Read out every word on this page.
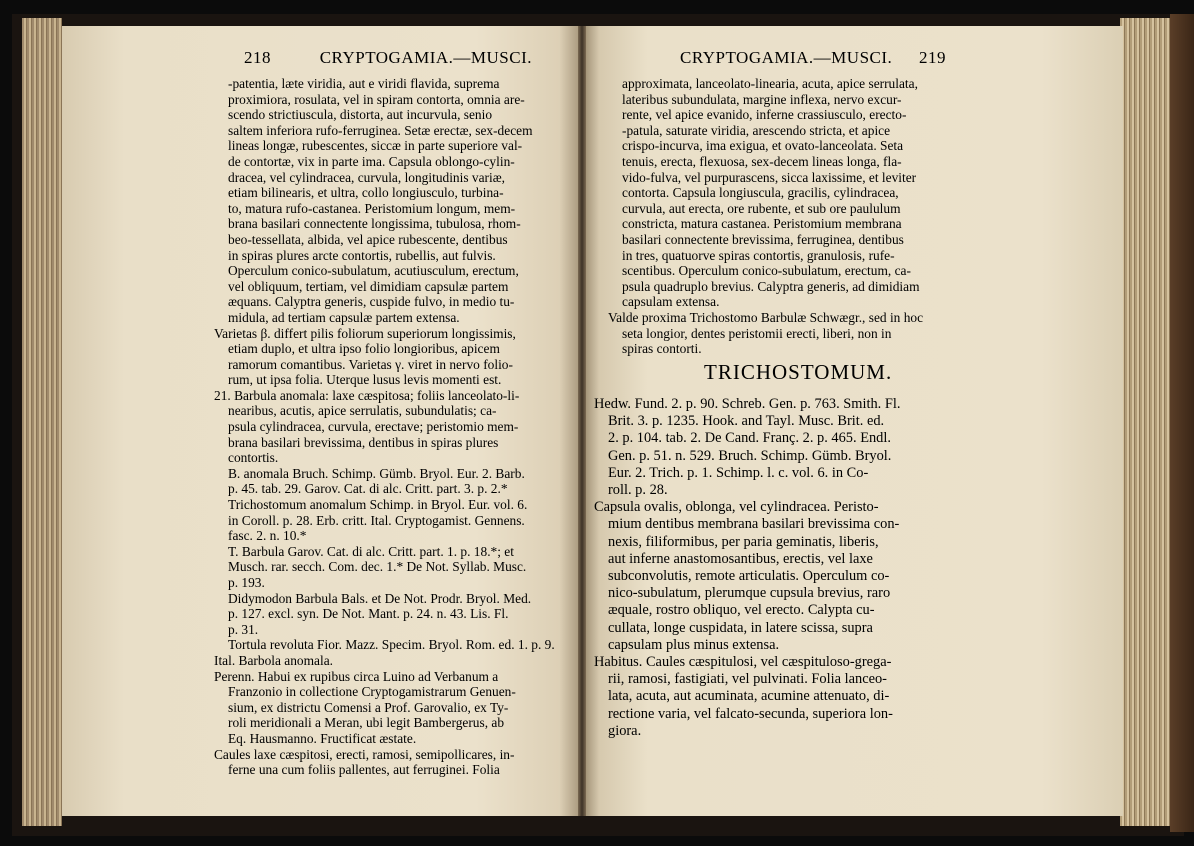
218	CRYPTOGAMIA.—MUSCI.	CRYPTOGAMIA.—MUSCI. 219

-patentia, læte viridia, aut e viridi flavida, suprema

proximiora, rosulata, vel in spiram contorta, omnia are-

scendo strictiuscula, distorta, aut incurvula, senio

saltem inferiora rufo-ferruginea. Setæ erectæ, sex-decem

lineas longæ, rubescentes, siccæ in parte superiore val-

de contortæ, vix in parte ima. Capsula oblongo-cylin-

dracea, vel cylindracea, curvula, longitudinis variæ,

etiam bilinearis, et ultra, collo longiusculo, turbina-

to, matura rufo-castanea. Peristomium longum, mem-

brana basilari connectente longissima, tubulosa, rhom-

beo-tessellata, albida, vel apice rubescente, dentibus

in spiras plures arcte contortis, rubellis, aut fulvis.

Operculum conico-subulatum, acutiusculum, erectum,

vel obliquum, tertiam, vel dimidiam capsulæ partem

æquans. Calyptra generis, cuspide fulvo, in medio tu-

midula, ad tertiam capsulæ partem extensa.

Varietas β. differt pilis foliorum superiorum longissimis,

etiam duplo, et ultra ipso folio longioribus, apicem

ramorum comantibus. Varietas γ. viret in nervo folio-

rum, ut ipsa folia. Uterque lusus levis momenti est.

21. Barbula anomala: laxe cæspitosa; foliis lanceolato-li-

nearibus, acutis, apice serrulatis, subundulatis; ca-

psula cylindracea, curvula, erectave; peristomio mem-

brana basilari brevissima, dentibus in spiras plures

contortis.

B. anomala Bruch. Schimp. Gümb. Bryol. Eur. 2. Barb.

p. 45. tab. 29. Garov. Cat. di alc. Critt. part. 3. p. 2.*

Trichostomum anomalum Schimp. in Bryol. Eur. vol. 6.

in Coroll. p. 28. Erb. critt. Ital. Cryptogamist. Gennens.

fasc. 2. n. 10.*

T. Barbula Garov. Cat. di alc. Critt. part. 1. p. 18.*; et

Musch. rar. secch. Com. dec. 1.* De Not. Syllab. Musc.

p. 193.

Didymodon Barbula Bals. et De Not. Prodr. Bryol. Med.

p. 127. excl. syn. De Not. Mant. p. 24. n. 43. Lis. Fl.

p. 31.

Tortula revoluta Fior. Mazz. Specim. Bryol. Rom. ed. 1. p. 9.

Ital. Barbola anomala.

Perenn. Habui ex rupibus circa Luino ad Verbanum a

Franzonio in collectione Cryptogamistrarum Genuen-

sium, ex districtu Comensi a Prof. Garovalio, ex Ty-

roli meridionali a Meran, ubi legit Bambergerus, ab

Eq. Hausmanno. Fructificat æstate.

Caules laxe cæspitosi, erecti, ramosi, semipollicares, in-

ferne una cum foliis pallentes, aut ferruginei. Folia

approximata, lanceolato-linearia, acuta, apice serrulata,

lateribus subundulata, margine inflexa, nervo excur-

rente, vel apice evanido, inferne crassiusculo, erecto-

-patula, saturate viridia, arescendo stricta, et apice

crispo-incurva, ima exigua, et ovato-lanceolata. Seta

tenuis, erecta, flexuosa, sex-decem lineas longa, fla-

vido-fulva, vel purpurascens, sicca laxissime, et leviter

contorta. Capsula longiuscula, gracilis, cylindracea,

curvula, aut erecta, ore rubente, et sub ore paululum

constricta, matura castanea. Peristomium membrana

basilari connectente brevissima, ferruginea, dentibus

in tres, quatuorve spiras contortis, granulosis, rufe-

scentibus. Operculum conico-subulatum, erectum, ca-

psula quadruplo brevius. Calyptra generis, ad dimidiam

capsulam extensa.

Valde proxima Trichostomo Barbulæ Schwægr., sed in hoc

seta longior, dentes peristomii erecti, liberi, non in

spiras contorti.

TRICHOSTOMUM.

Hedw. Fund. 2. p. 90. Schreb. Gen. p. 763. Smith. Fl.

Brit. 3. p. 1235. Hook. and Tayl. Musc. Brit. ed.

2. p. 104. tab. 2. De Cand. Franç. 2. p. 465. Endl.

Gen. p. 51. n. 529. Bruch. Schimp. Gümb. Bryol.

Eur. 2. Trich. p. 1. Schimp. l. c. vol. 6. in Co-

roll. p. 28.

Capsula ovalis, oblonga, vel cylindracea. Peristo-

mium dentibus membrana basilari brevissima con-

nexis, filiformibus, per paria geminatis, liberis,

aut inferne anastomosantibus, erectis, vel laxe

subconvolutis, remote articulatis. Operculum co-

nico-subulatum, plerumque cupsula brevius, raro

æquale, rostro obliquo, vel erecto. Calypta cu-

cullata, longe cuspidata, in latere scissa, supra

capsulam plus minus extensa.

Habitus. Caules cæspitulosi, vel cæspituloso-grega-

rii, ramosi, fastigiati, vel pulvinati. Folia lanceo-

lata, acuta, aut acuminata, acumine attenuato, di-

rectione varia, vel falcato-secunda, superiora lon-

giora.
